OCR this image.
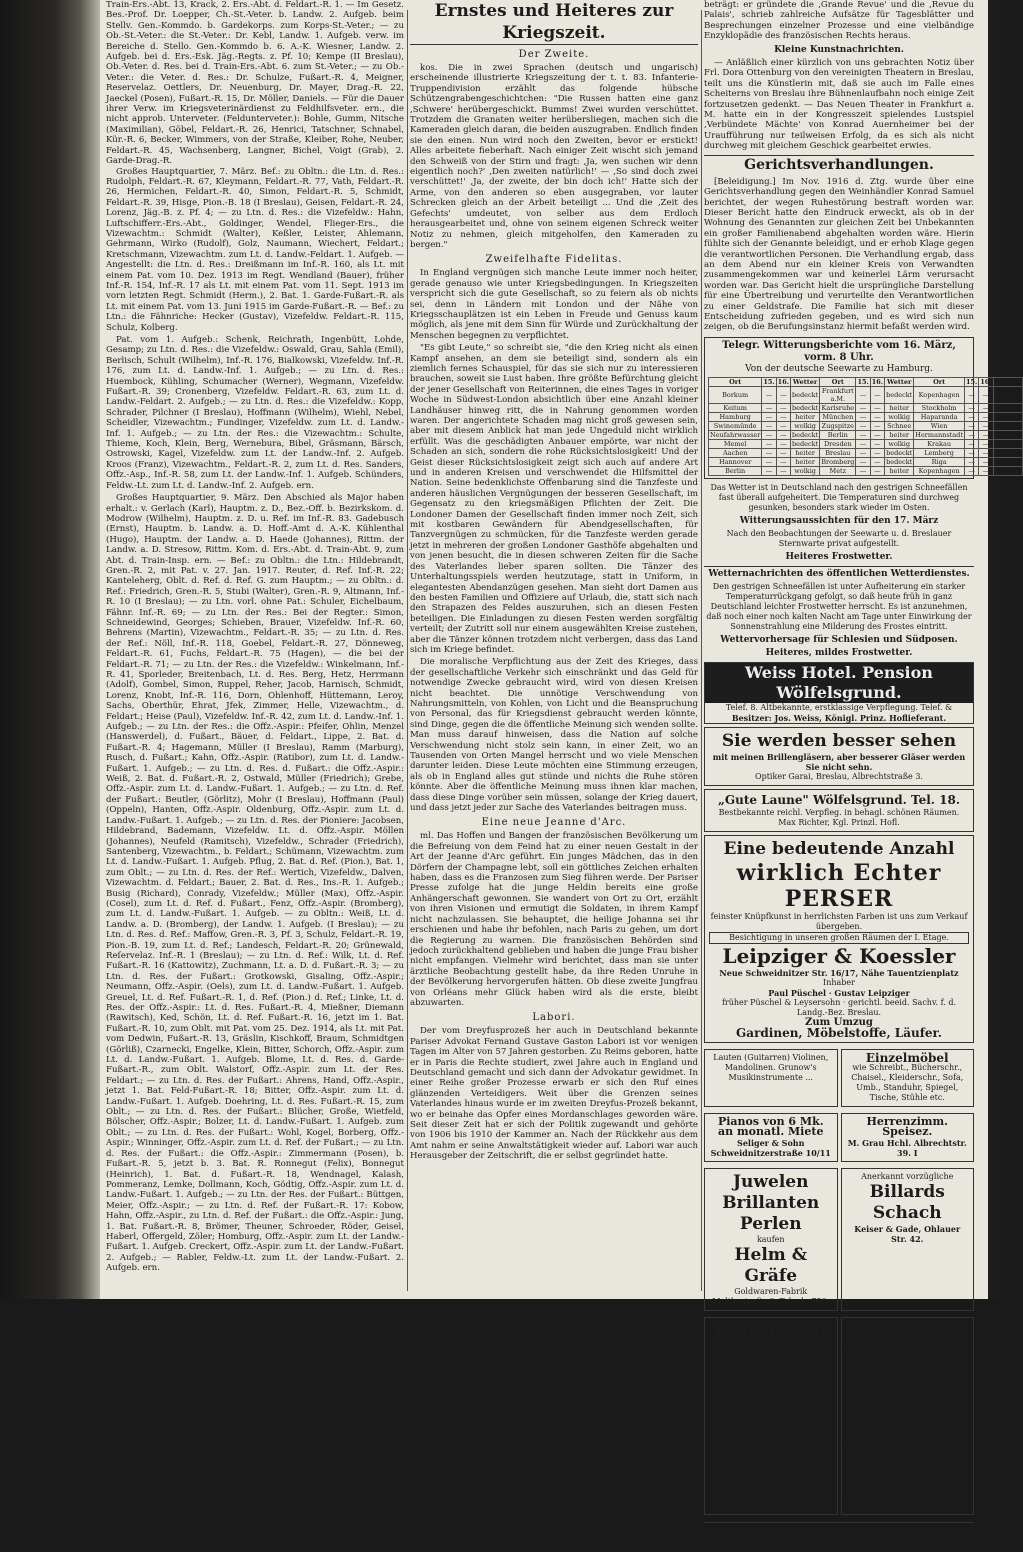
Train-Ers.-Abt. 13, Krack, 2. Ers.-Abt. d. Feldart.-R. 1. — Im Gesetz. Bes.-Prof. Dr. Loepper, Ch.-St.-Veter. b. Landw. 2. Aufgeb. beim Stellv. Gen.-Kommdo. b. Gardekorps. zum Korps-St.-Veter.; — zu Ob.-St.-Veter.: die St.-Veter.: Dr. Kebl, Landw. 1. Aufgeb. verw. im Bereiche d. Stello. Gen.-Kommdo b. 6. A.-K. Wiesner, Landw. 2. Aufgeb. bei d. Ers.-Esk. Jäg.-Regts. z. Pf. 10; Kempe (II Breslau), Ob.-Veter. d. Res. bei d. Train-Ers.-Abt. 6. zum St.-Veter.; — zu Ob.-Veter.: die Veter. d. Res.: Dr. Schulze, Fußart.-R. 4, Meigner, Reservelaz. Oettlers, Dr. Neuenburg, Dr. Mayer, Drag.-R. 22, Jaeckel (Posen), Fußart.-R. 15, Dr. Möller, Daniels. — Für die Dauer ihrer Verw. im Kriegsveterinärdienst zu Feldhilfsveter. ern., die nicht approb. Unterveter. (Feldunterveter.): Bohle, Gumm, Nitsche (Maximilian), Göbel, Feldart.-R. 26, Henrici, Tatschner, Schnabel, Kür.-R. 6, Becker, Wimmers, von der Straße, Kleiber, Rohe, Neuber, Feldart.-R. 45, Wachsenberg, Langner, Bichel, Voigt (Grab), 2. Garde-Drag.-R.

Großes Hauptquartier, 7. März. Bef.: zu Obltn.: die Ltn. d. Res.: Rudolph, Feldart.-R. 67, Kleymann, Feldart.-R. 77, Vath, Feldart.-R. 26, Hermichen, Feldart.-R. 40, Simon, Feldart.-R. 5, Schmidt, Feldart.-R. 39, Hisge, Pion.-B. 18 (I Breslau), Geisen, Feldart.-R. 24, Lorenz, Jäg.-B. z. Pf. 4; — zu Ltn. d. Res.: die Vizefeldw.: Hahn, Luftschifferr.-Ers.-Abt., Goldinger, Wendel, Flieger-Ers., die Vizewachtm.: Schmidt (Walter), Keßler, Leister, Ahlemann, Gehrmann, Wirko (Rudolf), Golz, Naumann, Wiechert, Feldart.; Kretschmann, Vizewachtm. zum Lt. d. Landw.-Feldart. 1. Aufgeb. — Angestellt: die Ltn. d. Res.: Dreißmann im Inf.-R. 160, als Lt. mit einem Pat. vom 10. Dez. 1913 im Regt. Wendland (Bauer), früher Inf.-R. 154, Inf.-R. 17 als Lt. mit einem Pat. vom 11. Sept. 1913 im vorn letzten Regt. Schmidt (Herm.), 2. Bat. 1. Garde-Fußart.-R. als Lt. mit einem Pat. vom 13. Juni 1915 im Garde-Fußart.-R. — Bef.: zu Ltn.: die Fähnriche: Hecker (Gustav), Vizefeldw. Feldart.-R. 115, Schulz, Kolberg.

Pat. vom 1. Aufgeb.: Schenk, Reichrath, Ingenbütt, Lohde, Gesamp; zu Ltn. d. Res.: die Vizefeldw.: Oswald, Grau, Sahla (Emil), Berlisch, Schult (Wilhelm), Inf.-R. 176, Bialkowski, Vizefeldw. Inf.-R. 176, zum Lt. d. Landw.-Inf. 1. Aufgeb.; — zu Ltn. d. Res.: Huembock, Kühling, Schumacher (Werner), Wegmann, Vizefeldw. Fußart.-R. 39; Cronenberg, Vizefeldw. Feldart.-R. 63, zum Lt. d. Landw.-Feldart. 2. Aufgeb.; — zu Ltn. d. Res.: die Vizefeldw.: Kopp, Schrader, Pilchner (I Breslau), Hoffmann (Wilhelm), Wiehl, Nebel, Scheidler, Vizewachtm.; Fundinger, Vizefeldw. zum Lt. d. Landw.-Inf. 1. Aufgeb.; — zu Ltn. der Res.: die Vizewachtm.: Schulte, Thieme, Koch, Klein, Berg, Wernebura, Bibel, Gräsmann, Bärsch, Ostrowski, Kagel, Vizefeldw. zum Lt. der Landw.-Inf. 2. Aufgeb. Kroos (Franz), Vizewachtm., Feldart.-R. 2, zum Lt. d. Res. Sanders, Offz.-Asp., Inf.-R. 58, zum Lt. der Landw.-Inf. 1. Aufgeb. Schünders, Feldw.-Lt. zum Lt. d. Landw.-Inf. 2. Aufgeb. ern.

Großes Hauptquartier, 9. März. Den Abschied als Major haben erhalt.: v. Gerlach (Karl), Hauptm. z. D., Bez.-Off. b. Bezirkskom. d. Modrow (Wilhelm), Hauptm. z. D. u. Ref. im Inf.-R. 83. Gadebusch (Ernst), Hauptm. b. Landw. a. D. Hoff.-Amt d. A.-K. Kühlenthal (Hugo), Hauptm. der Landw. a. D. Haede (Johannes), Rittm. der Landw. a. D. Stresow, Rittm. Kom. d. Ers.-Abt. d. Train-Abt. 9, zum Abt. d. Train-Insp. ern. — Bef.: zu Obltn.: die Ltn.: Hildebrandt, Gren.-R. 2, mit Pat. v. 27. Jan. 1917. Reuter, d. Ref. Inf.-R. 22; Kanteleherg, Oblt. d. Ref. d. Ref. G. zum Hauptm.; — zu Obltn.: d. Ref.: Friedrich, Gren.-R. 5, Stubi (Walter), Gren.-R. 9, Altmann, Inf.-R. 10 (I Breslau); — zu Ltn. vorl. ohne Pat.: Schuler, Eichelbaum, Fähnr. Inf.-R. 69; — zu Ltn. der Res.: Bei der Regter.: Simon, Schneidewind, Georges; Schieben, Brauer, Vizefeldw. Inf.-R. 60, Behrens (Martin), Vizewachtm., Feldart.-R. 35; — zu Ltn. d. Res. der Ref.: Nöll, Inf.-R. 118, Goebel, Feldart.-R. 27, Dönneweg, Feldart.-R. 61, Fuchs, Feldart.-R. 75 (Hagen), — die bei der Feldart.-R. 71; — zu Ltn. der Res.: die Vizefeldw.: Winkelmann, Inf.-R. 41, Sporleder, Breitenbach, Lt. d. Res. Berg, Hetz, Herrmann (Adolf), Gombel, Simon, Ruppel, Reher, Jacob, Harnisch, Schmidt, Lorenz, Knobt, Inf.-R. 116, Dorn, Ohlenhoff, Hüttemann, Leroy, Sachs, Oberthür, Ehrat, Jfek, Zimmer, Helle, Vizewachtm., d. Feldart.; Heise (Paul), Vizefeldw. Inf.-R. 42, zum Lt. d. Landw.-Inf. 1. Aufgeb.; — zu Ltn. der Res.: die Offz.-Aspir.: Pfeifer, Ohlin, Menzel (Hanswerdel), d. Fußart., Bäuer, d. Feldart., Lippe, 2. Bat. d. Fußart.-R. 4; Hagemann, Müller (I Breslau), Ramm (Marburg), Rusch, d. Fußart.; Kahn, Offz.-Aspir. (Ratibor), zum Lt. d. Landw.-Fußart. 1. Aufgeb.; — zu Ltn. d. Res. d. Fußart.: die Offz.-Aspir.: Weiß, 2. Bat. d. Fußart.-R. 2, Ostwald, Müller (Friedrich); Grebe, Offz.-Aspir. zum Lt. d. Landw.-Fußart. 1. Aufgeb.; — zu Ltn. d. Ref. der Fußart.: Beutler, (Görlitz), Mohr (I Breslau), Hoffmann (Paul) (Oppeln), Hanten, Offz.-Aspir. Oldenburg, Offz.-Aspir. zum Lt. d. Landw.-Fußart. 1. Aufgeb.; — zu Ltn. d. Res. der Pioniere: Jacobsen, Hildebrand, Bademann, Vizefeldw. Lt. d. Offz.-Aspir. Möllen (Johannes), Neufeld (Ramitsch), Vizefeldw., Schrader (Friedrich), Santenberg, Vizewachtm., b. Feldart.; Schümann, Vizewachtm. zum Lt. d. Landw.-Fußart. 1. Aufgeb. Pflug, 2. Bat. d. Ref. (Pion.), Bat. 1, zum Oblt.; — zu Ltn. d. Res. der Ref.: Wertich, Vizefeldw., Dalven, Vizewachtm. d. Feldart.; Bauer, 2. Bat. d. Res., Ins.-R. 1. Aufgeb.; Busig (Richard), Conrady, Vizefeldw.; Müller (Max), Offz.-Aspir. (Cosel), zum Lt. d. Ref. d. Fußart., Fenz, Offz.-Aspir. (Bromberg), zum Lt. d. Landw.-Fußart. 1. Aufgeb. — zu Obltn.: Weiß, Lt. d. Landw. a. D. (Bromberg), der Landw. 1. Aufgeb. (I Breslau); — zu Ltn. d. Res. d. Ref.: Maffow, Gren.-R. 3, Pf. 3, Schulz, Feldart.-R. 19, Pion.-B. 19, zum Lt. d. Ref.; Landesch, Feldart.-R. 20; Grünewald, Reſervelaz. Inf.-R. 1 (Breslau); — zu Ltn. d. Ref.: Wilk, Lt. d. Ref. Fußart.-R. 16 (Kattowitz), Zuchmann, Lt. a. D. d. Fußart.-R. 3; — zu Ltn. d. Res. der Fußart.: Grotkowski, Gisaling, Offz.-Aspir.; Neumann, Offz.-Aspir. (Oels), zum Lt. d. Landw.-Fußart. 1. Aufgeb. Greuel, Lt. d. Ref. Fußart.-R. 1, d. Ref. (Pion.) d. Ref.; Linke, Lt. d. Res. der Offz.-Aspir.: Lt. d. Res. Fußart.-R. 4, Mießner, Diemann (Rawitsch), Ked, Schön, Lt. d. Ref. Fußart.-R. 16, jetzt im 1. Bat. Fußart.-R. 10, zum Oblt. mit Pat. vom 25. Dez. 1914, als Lt. mit Pat. vom Dedwin, Fußart.-R. 13, Gräslin, Kischkoff, Braum, Schmidtgen (Görliß), Czarnecki, Engelke, Klein, Bitter, Schorch, Offz.-Aspir. zum Lt. d. Landw.-Fußart. 1. Aufgeb. Blome, Lt. d. Res. d. Garde-Fußart.-R., zum Oblt. Walstorf, Offz.-Aspir. zum Lt. der Res. Feldart.; — zu Ltn. d. Res. der Fußart.: Ahrens, Hand, Offz.-Aspir., jetzt 1. Bat. Feld-Fußart.-R. 18; Bitter, Offz.-Aspir. zum Lt. d. Landw.-Fußart. 1. Aufgeb. Doehring, Lt. d. Res. Fußart.-R. 15, zum Oblt.; — zu Ltn. d. Res. der Fußart.: Blücher, Große, Wietfeld, Bölscher, Offz.-Aspir.; Bolzer, Lt. d. Landw.-Fußart. 1. Aufgeb. zum Oblt.; — zu Ltn. d. Res. der Fußart.: Wohl, Kogel, Borberg, Offz.-Aspir.; Winninger, Offz.-Aspir. zum Lt. d. Ref. der Fußart.; — zu Ltn. d. Res. der Fußart.: die Offz.-Aspir.: Zimmermann (Posen), b. Fußart.-R. 5, jetzt b. 3. Bat. R. Ronnegut (Felix), Bonnegut (Heinrich), 1. Bat. d. Fußart.-R. 18, Wendnagel, Kalash, Pommeranz, Lemke, Dollmann, Koch, Gödtig, Offz.-Aspir. zum Lt. d. Landw.-Fußart. 1. Aufgeb.; — zu Ltn. der Res. der Fußart.: Büttgen, Meier, Offz.-Aspir.; — zu Ltn. d. Ref. der Fußart.-R. 17: Kobow, Hahn, Offz.-Aspir., zu Ltn. d. Ref. der Fußart.: die Offz.-Aspir.: Jung, 1. Bat. Fußart.-R. 8, Brömer, Theuner, Schroeder, Röder, Geisel, Haberl, Offergeld, Zöler; Homburg, Offz.-Aspir. zum Lt. der Landw.-Fußart. 1. Aufgeb. Creckert, Offz.-Aspir. zum Lt. der Landw.-Fußart. 2. Aufgeb.; — Rabler, Feldw.-Lt. zum Lt. der Landw.-Fußart. 2. Aufgeb. ern.

Ernstes und Heiteres zur Kriegszeit.
Der Zweite.

kos. Die in zwei Sprachen (deutsch und ungarisch) erscheinende illustrierte Kriegszeitung der t. t. 83. Infanterie-Truppendivision erzählt das folgende hübsche Schützengrabengeschichtchen: "Die Russen hatten eine ganz ‚Schwere' herübergeschickt. Bumms! Zwei wurden verschüttet. Trotzdem die Granaten weiter herübersliegen, machen sich die Kameraden gleich daran, die beiden auszugraben. Endlich finden sie den einen. Nun wird noch den Zweiten, bevor er erstickt! Alles arbeitete fieberhaft. Nach einiger Zeit wischt sich jemand den Schweiß von der Stirn und fragt: ‚Ja, wen suchen wir denn eigentlich noch?' ‚Den zweiten natürlich!' — ‚So sind doch zwei verschüttet!' ‚Ja, der zweite, der bin doch ich!' Hatte sich der Arme, von den anderen so eben ausgegraben, vor lauter Schrecken gleich an der Arbeit beteiligt ... Und die ‚Zeit des Gefechts' umdeutet, von selber aus dem Erdloch herausgearbeitet und, ohne von seinem eigenen Schreck weiter Notiz zu nehmen, gleich mitgeholfen, den Kameraden zu bergen."

Zweifelhafte Fidelitas.

In England vergnügen sich manche Leute immer noch heiter, gerade genauso wie unter Kriegsbedingungen. In Kriegszeiten verspricht sich die gute Gesellschaft, so zu feiern als ob nichts sei, denn in Ländern mit London und der Nähe von Kriegsschauplätzen ist ein Leben in Freude und Genuss kaum möglich, als jene mit dem Sinn für Würde und Zurückhaltung der Menschen begegnen zu verpflichtet.

"Es gibt Leute," so schreibt sie, "die den Krieg nicht als einen Kampf ansehen, an dem sie beteiligt sind, sondern als ein ziemlich fernes Schauspiel, für das sie sich nur zu interessieren brauchen, soweit sie Lust haben. Ihre größte Befürchtung gleicht der jener Gesellschaft von Reiterinnen, die eines Tages in voriger Woche in Südwest-London absichtlich über eine Anzahl kleiner Landhäuser hinweg ritt, die in Nahrung genommen worden waren. Der angerichtete Schaden mag nicht groß gewesen sein, aber mit diesem Anblick hat man jede Ungeduld nicht wirklich erfüllt. Was die geschädigten Anbauer empörte, war nicht der Schaden an sich, sondern die rohe Rücksichtslosigkeit! Und der Geist dieser Rücksichtslosigkeit zeigt sich auch auf andere Art und in anderen Kreisen und verschwendet die Hilfsmittel der Nation. Seine bedenklichste Offenbarung sind die Tanzfeste und anderen häuslichen Vergnügungen der besseren Gesellschaft, im Gegensatz zu den kriegsmäßigen Pflichten der Zeit. Die Londoner Damen der Gesellschaft finden immer noch Zeit, sich mit kostbaren Gewändern für Abendgesellschaften, für Tanzvergnügen zu schmücken, für die Tanzfeste werden gerade jetzt in mehreren der großen Londoner Gasthöfe abgehalten und von jenen besucht, die in diesen schweren Zeiten für die Sache des Vaterlandes lieber sparen sollten. Die Tänzer des Unterhaltungsspiels werden heutzutage, statt in Uniform, in elegantesten Abendanzügen gesehen. Man sieht dort Damen aus den besten Familien und Offiziere auf Urlaub, die, statt sich nach den Strapazen des Feldes auszuruhen, sich an diesen Festen beteiligen. Die Einladungen zu diesen Festen werden sorgfältig verteilt; der Zutritt soll nur einem ausgewählten Kreise zustehen, aber die Tänzer können trotzdem nicht verbergen, dass das Land sich im Kriege befindet.

Die moralische Verpflichtung aus der Zeit des Krieges, dass der gesellschaftliche Verkehr sich einschränkt und das Geld für notwendige Zwecke gebraucht wird, wird von diesen Kreisen nicht beachtet. Die unnötige Verschwendung von Nahrungsmitteln, von Kohlen, von Licht und die Beanspruchung von Personal, das für Kriegsdienst gebraucht werden könnte, sind Dinge, gegen die die öffentliche Meinung sich wenden sollte. Man muss darauf hinweisen, dass die Nation auf solche Verschwendung nicht stolz sein kann, in einer Zeit, wo an Tausenden von Orten Mangel herrscht und wo viele Menschen darunter leiden. Diese Leute möchten eine Stimmung erzeugen, als ob in England alles gut stünde und nichts die Ruhe stören könnte. Aber die öffentliche Meinung muss ihnen klar machen, dass diese Dinge vorüber sein müssen, solange der Krieg dauert, und dass jetzt jeder zur Sache des Vaterlandes beitragen muss.

Eine neue Jeanne d'Arc.

ml. Das Hoffen und Bangen der französischen Bevölkerung um die Befreiung von dem Feind hat zu einer neuen Gestalt in der Art der Jeanne d'Arc geführt. Ein junges Mädchen, das in den Dörfern der Champagne lebt, soll ein göttliches Zeichen erhalten haben, dass es die Franzosen zum Sieg führen werde. Der Pariser Presse zufolge hat die junge Heldin bereits eine große Anhängerschaft gewonnen. Sie wandert von Ort zu Ort, erzählt von ihren Visionen und ermutigt die Soldaten, in ihrem Kampf nicht nachzulassen. Sie behauptet, die heilige Johanna sei ihr erschienen und habe ihr befohlen, nach Paris zu gehen, um dort die Regierung zu warnen. Die französischen Behörden sind jedoch zurückhaltend geblieben und haben die junge Frau bisher nicht empfangen. Vielmehr wird berichtet, dass man sie unter ärztliche Beobachtung gestellt habe, da ihre Reden Unruhe in der Bevölkerung hervorgerufen hätten. Ob diese zweite Jungfrau von Orléans mehr Glück haben wird als die erste, bleibt abzuwarten.

Labori.

Der vom Dreyfusprozeß her auch in Deutschland bekannte Pariser Advokat Fernand Gustave Gaston Labori ist vor wenigen Tagen im Alter von 57 Jahren gestorben. Zu Reims geboren, hatte er in Paris die Rechte studiert, zwei Jahre auch in England und Deutschland gemacht und sich dann der Advokatur gewidmet. In einer Reihe großer Prozesse erwarb er sich den Ruf eines glänzenden Verteidigers. Weit über die Grenzen seines Vaterlandes hinaus wurde er im zweiten Dreyfus-Prozeß bekannt, wo er beinahe das Opfer eines Mordanschlages geworden wäre. Seit dieser Zeit hat er sich der Politik zugewandt und gehörte von 1906 bis 1910 der Kammer an. Nach der Rückkehr aus dem Amt nahm er seine Anwaltstätigkeit wieder auf. Labori war auch Herausgeber der Zeitschrift, die er selbst gegründet hatte.

beträgt: er gründete die ‚Grande Revue' und die ‚Revue du Palais', schrieb zahlreiche Aufsätze für Tagesblätter und Besprechungen einzelner Prozesse und eine vielbändige Enzyklopädie des französischen Rechts heraus.

Kleine Kunstnachrichten.

— Anläßlich einer kürzlich von uns gebrachten Notiz über Frl. Dora Ottenburg von den vereinigten Theatern in Breslau, teilt uns die Künstlerin mit, daß sie auch im Falle eines Scheiterns von Breslau ihre Bühnenlaufbahn noch einige Zeit fortzusetzen gedenkt. — Das Neuen Theater in Frankfurt a. M. hatte ein in der Kongresszeit spielendes Lustspiel ‚Verbündete Mächte' von Konrad Auernheimer bei der Uraufführung nur teilweisen Erfolg, da es sich als nicht durchweg mit gleichem Geschick gearbeitet erwies.

Gerichtsverhandlungen.

[Beleidigung.] Im Nov. 1916 d. Ztg. wurde über eine Gerichtsverhandlung gegen den Weinhändler Konrad Samuel berichtet, der wegen Ruhestörung bestraft worden war. Dieser Bericht hatte den Eindruck erweckt, als ob in der Wohnung des Genannten zur gleichen Zeit bei Unbekannten ein großer Familienabend abgehalten worden wäre. Hierin fühlte sich der Genannte beleidigt, und er erhob Klage gegen die verantwortlichen Personen. Die Verhandlung ergab, dass an dem Abend nur ein kleiner Kreis von Verwandten zusammengekommen war und keinerlei Lärm verursacht worden war. Das Gericht hielt die ursprüngliche Darstellung für eine Übertreibung und verurteilte den Verantwortlichen zu einer Geldstrafe. Die Familie hat sich mit dieser Entscheidung zufrieden gegeben, und es wird sich nun zeigen, ob die Berufungsinstanz hiermit befaßt werden wird.

Telegr. Witterungsberichte vom 16. März, vorm. 8 Uhr.
Von der deutsche Seewarte zu Hamburg.
Ort	15.	16.	Wetter	Ort	15.	16.	Wetter	Ort	15.	16.	Wetter
Borkum	—	—	bedeckt	Frankfurt a.M.	—	—	bedeckt	Kopenhagen	—	—	bedeckt
Keitum	—	—	bedeckt	Karlsruhe	—	—	heiter	Stockholm	—	—	wolkig
Hamburg	—	—	heiter	München	—	—	wolkig	Haparanda	—	—	Schnee
Swinemünde	—	—	wolkig	Zugspitze	—	—	Schnee	Wien	—	—	bedeckt
Neufahrwasser	—	—	bedeckt	Berlin	—	—	heiter	Hermannstadt	—	—	heiter
Memel	—	—	bedeckt	Dresden	—	—	wolkig	Krakau	—	—	bedeckt
Aachen	—	—	heiter	Breslau	—	—	bedeckt	Lemberg	—	—	bedeckt
Hannover	—	—	heiter	Bromberg	—	—	bedeckt	Riga	—	—	bedeckt
Berlin	—	—	wolkig	Metz	—	—	heiter	Kopenhagen	—	—	bedeckt

Das Wetter ist in Deutschland nach den gestrigen Schneefällen fast überall aufgeheitert. Die Temperaturen sind durchweg gesunken, besonders stark wieder im Osten.

Witterungsaussichten für den 17. März

Nach den Beobachtungen der Seewarte u. d. Breslauer Sternwarte privat aufgestellt.

Heiteres Frostwetter.
Wetternachrichten des öffentlichen Wetterdienstes.

Den gestrigen Schneefällen ist unter Aufheiterung ein starker Temperaturrückgang gefolgt, so daß heute früh in ganz Deutschland leichter Frostwetter herrscht. Es ist anzunehmen, daß noch einer noch kalten Nacht am Tage unter Einwirkung der Sonnenstrahlung eine Milderung des Frostes eintritt.

Wettervorhersage für Schlesien und Südposen.
Heiteres, mildes Frostwetter.
Weiss Hotel. Pension Wölfelsgrund.
Telef. 8. Altbekannte, erstklassige Verpflegung. Telef. &
Besitzer: Jos. Weiss, Königl. Prinz. Hoflieferant.
Sie werden besser sehen
mit meinen Brillengläsern, aber besserer Gläser werden Sie nicht sehn.
Optiker Garai, Breslau, Albrechtstraße 3.
„Gute Laune" Wölfelsgrund. Tel. 18.
Bestbekannte reichl. Verpfleg. in behagl. schönen Räumen. Max Richter, Kgl. Prinzl. Hofl.
Eine bedeutende Anzahl
wirklich Echter PERSER
feinster Knüpfkunst in herrlichsten Farben ist uns zum Verkauf übergeben.
Besichtigung in unseren großen Räumen der I. Etage.
Leipziger & Koessler
Neue Schweidnitzer Str. 16/17, Nähe Tauentzienplatz
Inhaber
Paul Püschel · Gustav Leipziger
früher Püschel & Leysersohn · gerichtl. beeid. Sachv. f. d. Landg.-Bez. Breslau.
Zum Umzug
Gardinen, Möbelstoffe, Läufer.
Lauten (Guitarren) Violinen, Mandolinen. Grunow's Musikinstrumente ...
Einzelmöbel
wie Schreibt., Bücherschr., Chaisel., Kleiderschr., Sofa, Umb., Standuhr, Spiegel, Tische, Stühle etc.
Pianos von 6 Mk. an monatl. Miete
Seliger & Sohn Schweidnitzerstraße 10/11
Herrenzimm. Speisez.
M. Grau Hchl. Albrechtstr. 39. I
Juwelen
Brillanten
Perlen
kaufen
Helm & Gräfe
Goldwaren-Fabrik Moltkestraße 6. Teleph. 750.
Anerkannt vorzügliche
Billards
Schach
Keiser & Gade, Ohlauer Str. 42.
Hautjucken
(auch bei heilenden Wunden) verschwindet sofort durch
Dr. Cochs Kühlsalbe
(Antipruritil)
sofort Erleichterung. Topf M. 2.—, Tube M. 1.50.
Ratsmonstraapotheke Ring 44.
Konkursverfahren.
In dem Konkursverfahren über den Nachlaß des am 11. Novbr. 1914 zu Hamm verstorbenen Kaufmanns Richard Hennemann ist zur Abnahme der Schlußrechnung des Verwalters, zur Erhebung von Einwendungen gegen das Schlußverzeichnis der bei der Verteilung zu berücksichtigenden Forderungen der Schlußtermin auf den 24. April 1917, vormittags 9 Uhr, vor dem Königlichen Amtsgericht hierselbst bestimmt.

Verantwortlich für den politischen Teil: C. R. Richard Doemisch, für den provinziellen und den lokalen Teil: Dr. Franz Bauer, für den Anzeigenteil: W. Kröber. — Druck von Wilh. Gottl. Korn in Breslau.
